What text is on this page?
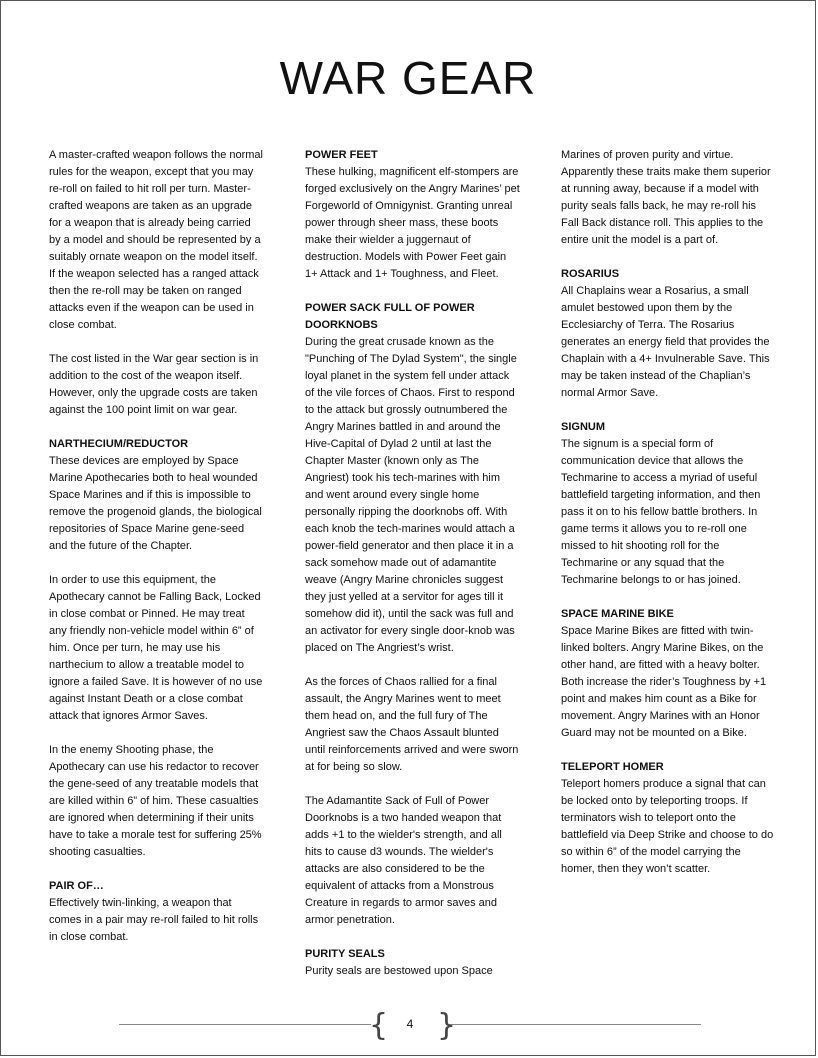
WAR GEAR

A master-crafted weapon follows the normal rules for the weapon, except that you may re-roll on failed to hit roll per turn. Master-crafted weapons are taken as an upgrade for a weapon that is already being carried by a model and should be represented by a suitably ornate weapon on the model itself. If the weapon selected has a ranged attack then the re-roll may be taken on ranged attacks even if the weapon can be used in close combat.

The cost listed in the War gear section is in addition to the cost of the weapon itself. However, only the upgrade costs are taken against the 100 point limit on war gear.

NARTHECIUM/REDUCTOR

These devices are employed by Space Marine Apothecaries both to heal wounded Space Marines and if this is impossible to remove the progenoid glands, the biological repositories of Space Marine gene-seed and the future of the Chapter.

In order to use this equipment, the Apothecary cannot be Falling Back, Locked in close combat or Pinned. He may treat any friendly non-vehicle model within 6” of him. Once per turn, he may use his narthecium to allow a treatable model to ignore a failed Save. It is however of no use against Instant Death or a close combat attack that ignores Armor Saves.

In the enemy Shooting phase, the Apothecary can use his redactor to recover the gene-seed of any treatable models that are killed within 6” of him. These casualties are ignored when determining if their units have to take a morale test for suffering 25% shooting casualties.

PAIR OF…

Effectively twin-linking, a weapon that comes in a pair may re-roll failed to hit rolls in close combat.

POWER FEET

These hulking, magnificent elf-stompers are forged exclusively on the Angry Marines’ pet Forgeworld of Omnigynist. Granting unreal power through sheer mass, these boots make their wielder a juggernaut of destruction. Models with Power Feet gain 1+ Attack and 1+ Toughness, and Fleet.

POWER SACK FULL OF POWER DOORKNOBS

During the great crusade known as the "Punching of The Dylad System", the single loyal planet in the system fell under attack of the vile forces of Chaos. First to respond to the attack but grossly outnumbered the Angry Marines battled in and around the Hive-Capital of Dylad 2 until at last the Chapter Master (known only as The Angriest) took his tech-marines with him and went around every single home personally ripping the doorknobs off. With each knob the tech-marines would attach a power-field generator and then place it in a sack somehow made out of adamantite weave (Angry Marine chronicles suggest they just yelled at a servitor for ages till it somehow did it), until the sack was full and an activator for every single door-knob was placed on The Angriest’s wrist.

As the forces of Chaos rallied for a final assault, the Angry Marines went to meet them head on, and the full fury of The Angriest saw the Chaos Assault blunted until reinforcements arrived and were sworn at for being so slow.

The Adamantite Sack of Full of Power Doorknobs is a two handed weapon that adds +1 to the wielder's strength, and all hits to cause d3 wounds. The wielder's attacks are also considered to be the equivalent of attacks from a Monstrous Creature in regards to armor saves and armor penetration.

PURITY SEALS

Purity seals are bestowed upon Space

Marines of proven purity and virtue. Apparently these traits make them superior at running away, because if a model with purity seals falls back, he may re-roll his Fall Back distance roll. This applies to the entire unit the model is a part of.

ROSARIUS

All Chaplains wear a Rosarius, a small amulet bestowed upon them by the Ecclesiarchy of Terra. The Rosarius generates an energy field that provides the Chaplain with a 4+ Invulnerable Save. This may be taken instead of the Chaplian’s normal Armor Save.

SIGNUM

The signum is a special form of communication device that allows the Techmarine to access a myriad of useful battlefield targeting information, and then pass it on to his fellow battle brothers. In game terms it allows you to re-roll one missed to hit shooting roll for the Techmarine or any squad that the Techmarine belongs to or has joined.

SPACE MARINE BIKE

Space Marine Bikes are fitted with twin-linked bolters. Angry Marine Bikes, on the other hand, are fitted with a heavy bolter. Both increase the rider’s Toughness by +1 point and makes him count as a Bike for movement. Angry Marines with an Honor Guard may not be mounted on a Bike.

TELEPORT HOMER

Teleport homers produce a signal that can be locked onto by teleporting troops. If terminators wish to teleport onto the battlefield via Deep Strike and choose to do so within 6” of the model carrying the homer, then they won’t scatter.

{	4 }
